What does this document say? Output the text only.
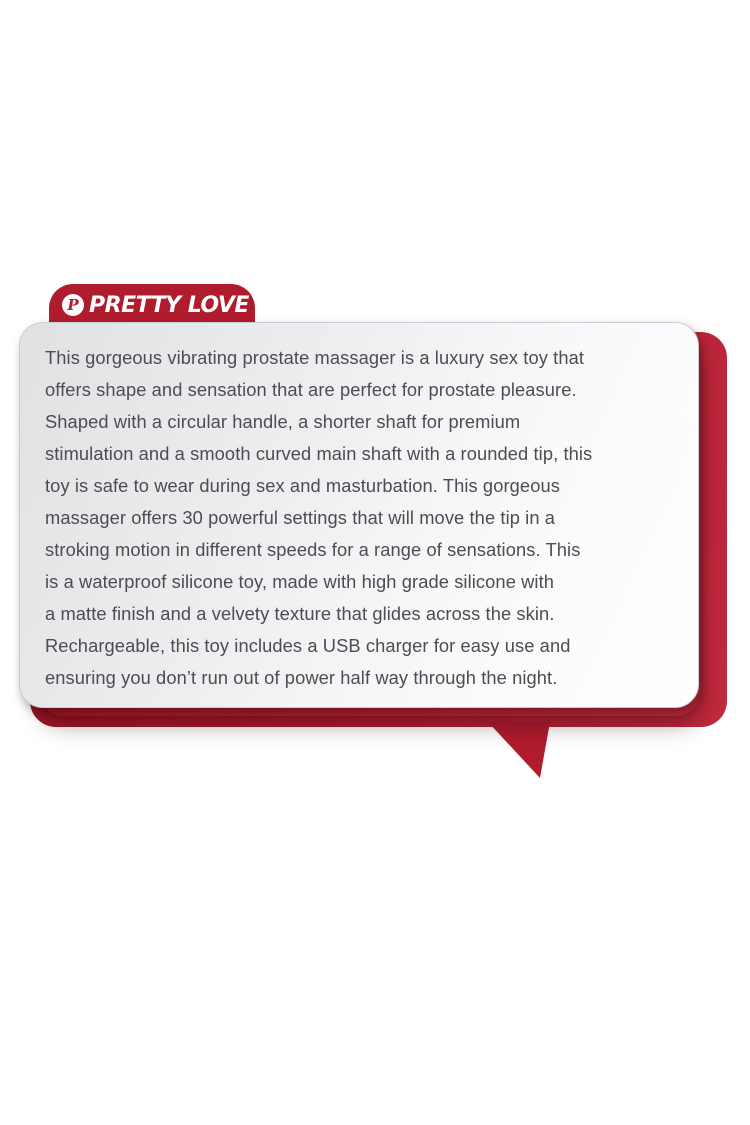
P PRETTY LOVE
PRETTY LOVE
This gorgeous vibrating prostate massager is a luxury sex toy that
offers shape and sensation that are perfect for prostate pleasure.
Shaped with a circular handle, a shorter shaft for premium
stimulation and a smooth curved main shaft with a rounded tip, this
toy is safe to wear during sex and masturbation. This gorgeous
massager offers 30 powerful settings that will move the tip in a
stroking motion in different speeds for a range of sensations. This
is a waterproof silicone toy, made with high grade silicone with
a matte finish and a velvety texture that glides across the skin.
Rechargeable, this toy includes a USB charger for easy use and
ensuring you don’t run out of power half way through the night.
